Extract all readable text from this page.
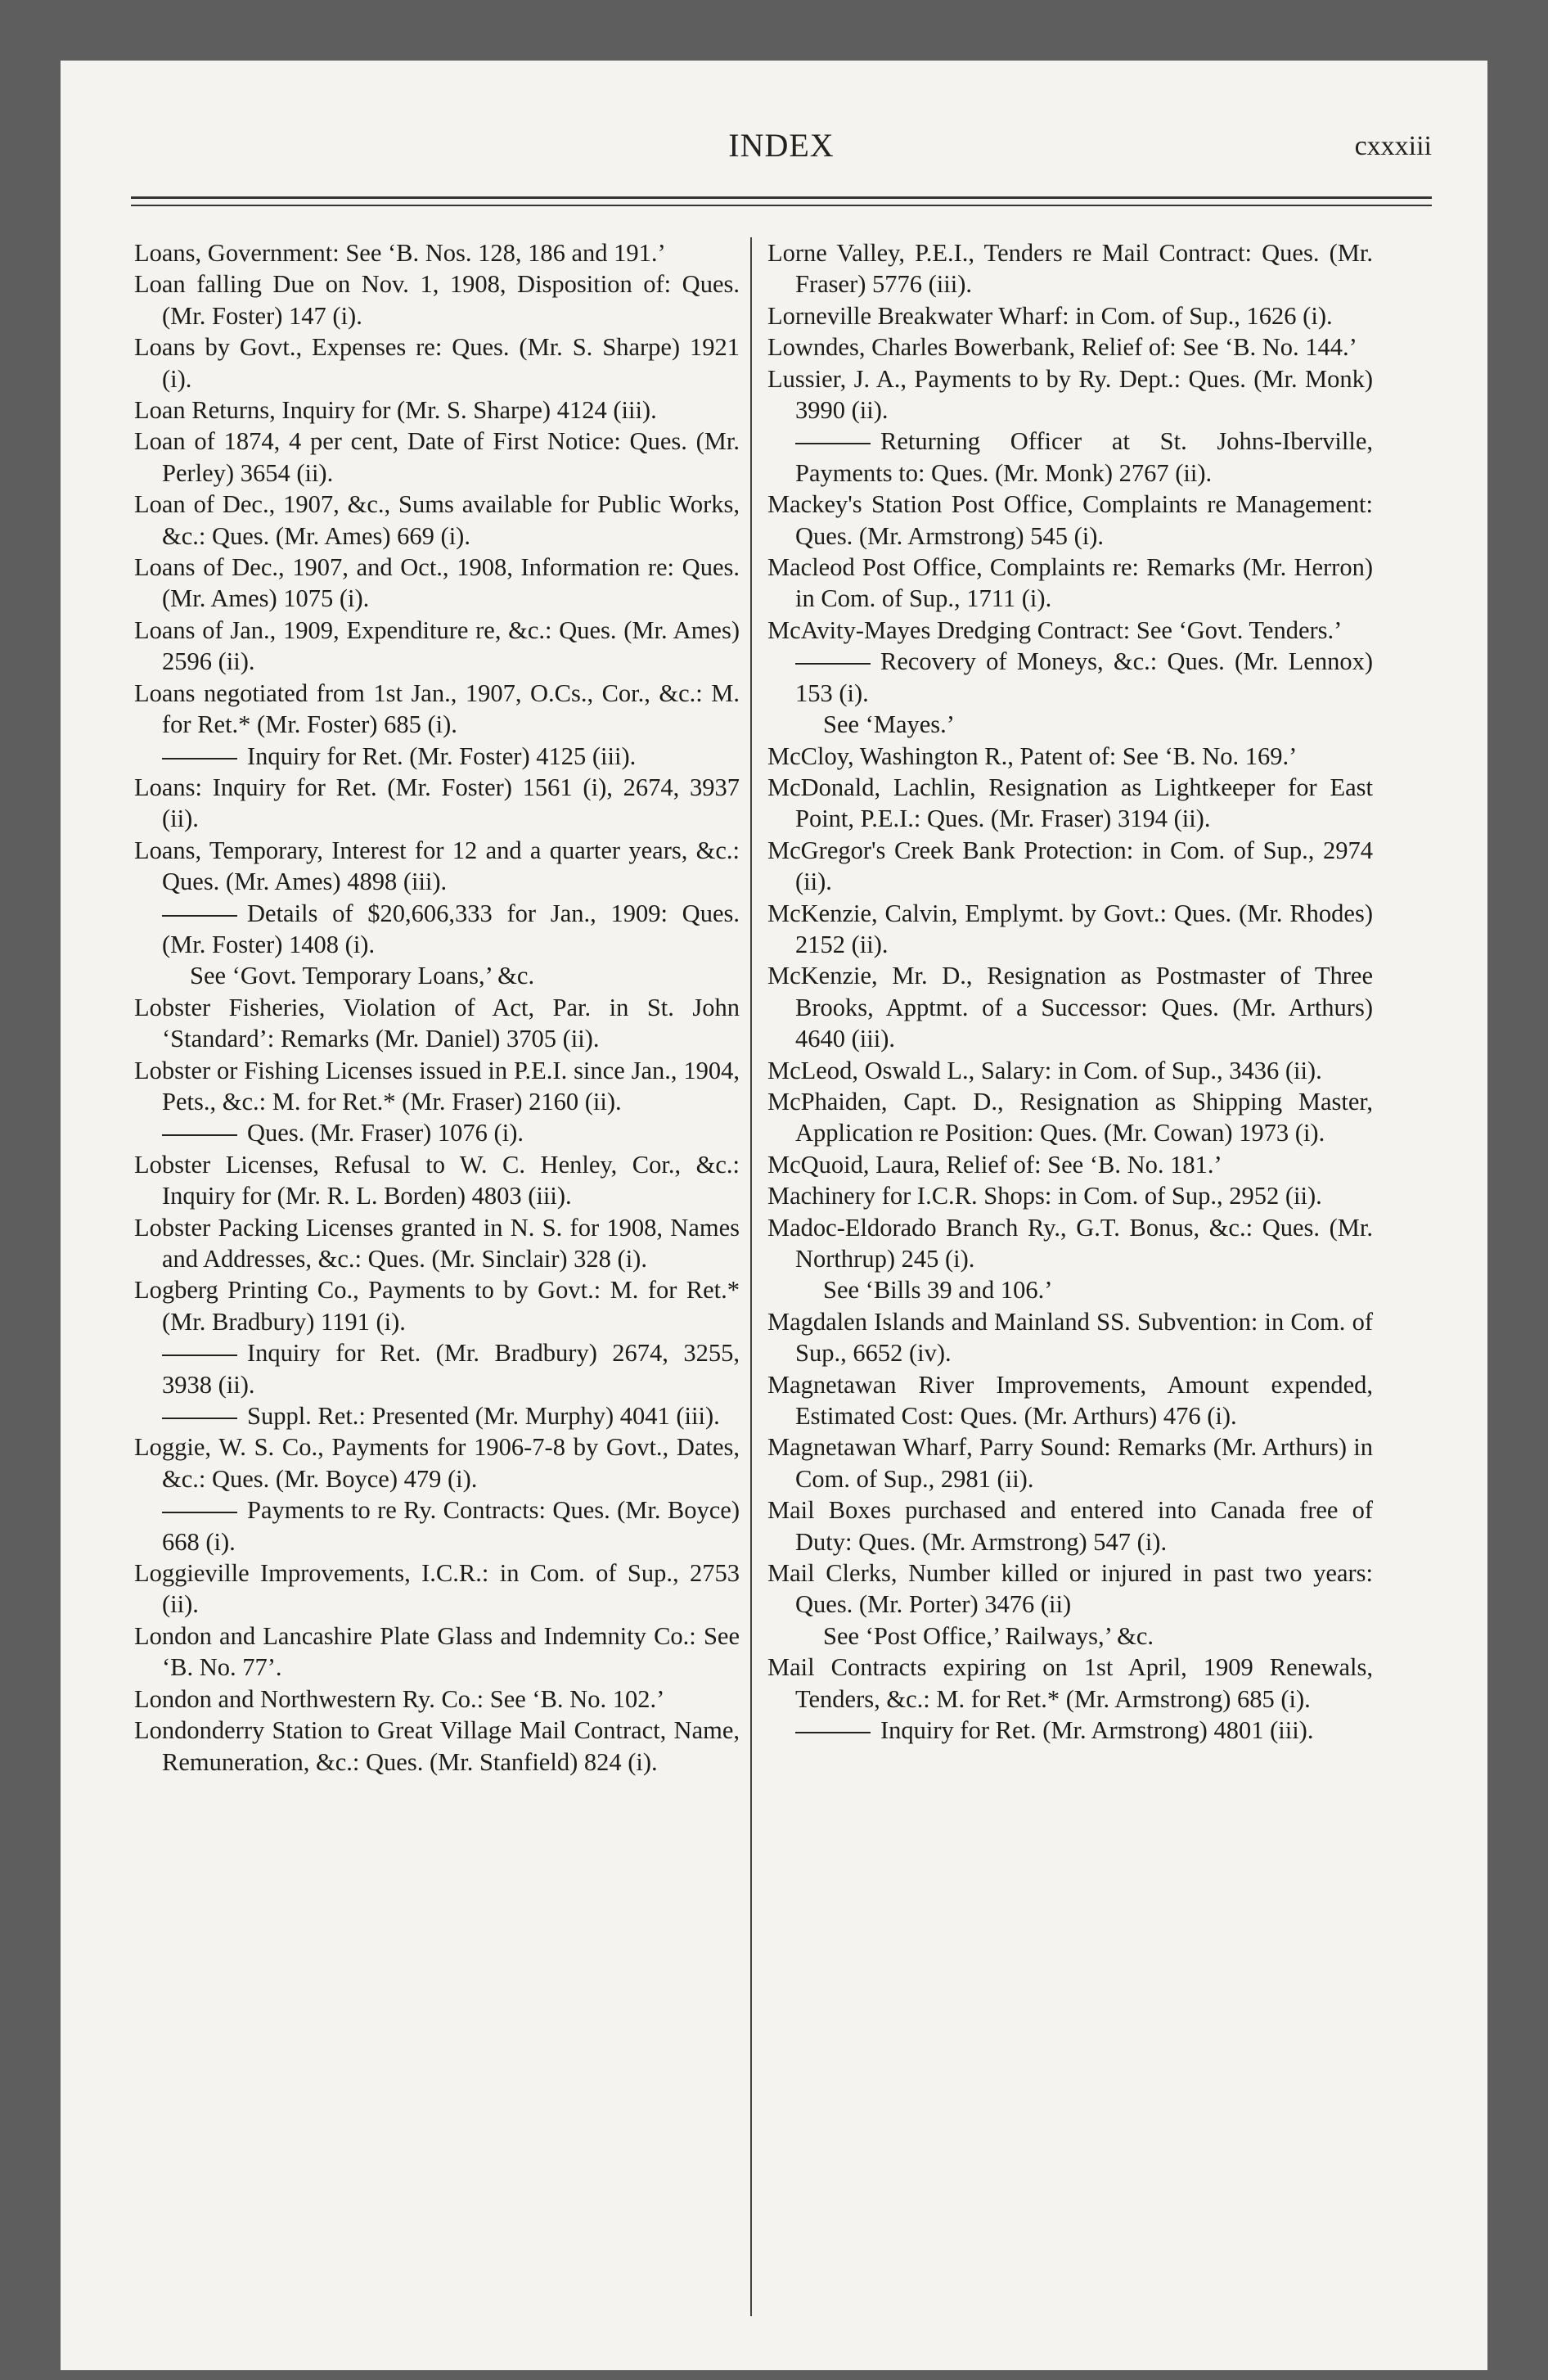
INDEX	cxxxiii

Loans, Government: See ‘B. Nos. 128, 186 and 191.’

Loan falling Due on Nov. 1, 1908, Disposition of: Ques. (Mr. Foster) 147 (i).

Loans by Govt., Expenses re: Ques. (Mr. S. Sharpe) 1921 (i).

Loan Returns, Inquiry for (Mr. S. Sharpe) 4124 (iii).

Loan of 1874, 4 per cent, Date of First Notice: Ques. (Mr. Perley) 3654 (ii).

Loan of Dec., 1907, &c., Sums available for Public Works, &c.: Ques. (Mr. Ames) 669 (i).

Loans of Dec., 1907, and Oct., 1908, Information re: Ques. (Mr. Ames) 1075 (i).

Loans of Jan., 1909, Expenditure re, &c.: Ques. (Mr. Ames) 2596 (ii).

Loans negotiated from 1st Jan., 1907, O.Cs., Cor., &c.: M. for Ret.* (Mr. Foster) 685 (i).

Inquiry for Ret. (Mr. Foster) 4125 (iii).

Loans: Inquiry for Ret. (Mr. Foster) 1561 (i), 2674, 3937 (ii).

Loans, Temporary, Interest for 12 and a quarter years, &c.: Ques. (Mr. Ames) 4898 (iii).

Details of $20,606,333 for Jan., 1909: Ques. (Mr. Foster) 1408 (i).

See ‘Govt. Temporary Loans,’ &c.

Lobster Fisheries, Violation of Act, Par. in St. John ‘Standard’: Remarks (Mr. Daniel) 3705 (ii).

Lobster or Fishing Licenses issued in P.E.I. since Jan., 1904, Pets., &c.: M. for Ret.* (Mr. Fraser) 2160 (ii).

Ques. (Mr. Fraser) 1076 (i).

Lobster Licenses, Refusal to W. C. Henley, Cor., &c.: Inquiry for (Mr. R. L. Borden) 4803 (iii).

Lobster Packing Licenses granted in N. S. for 1908, Names and Addresses, &c.: Ques. (Mr. Sinclair) 328 (i).

Logberg Printing Co., Payments to by Govt.: M. for Ret.* (Mr. Bradbury) 1191 (i).

Inquiry for Ret. (Mr. Bradbury) 2674, 3255, 3938 (ii).

Suppl. Ret.: Presented (Mr. Murphy) 4041 (iii).

Loggie, W. S. Co., Payments for 1906-7-8 by Govt., Dates, &c.: Ques. (Mr. Boyce) 479 (i).

Payments to re Ry. Contracts: Ques. (Mr. Boyce) 668 (i).

Loggieville Improvements, I.C.R.: in Com. of Sup., 2753 (ii).

London and Lancashire Plate Glass and Indemnity Co.: See ‘B. No. 77’.

London and Northwestern Ry. Co.: See ‘B. No. 102.’

Londonderry Station to Great Village Mail Contract, Name, Remuneration, &c.: Ques. (Mr. Stanfield) 824 (i).

Lorne Valley, P.E.I., Tenders re Mail Contract: Ques. (Mr. Fraser) 5776 (iii).

Lorneville Breakwater Wharf: in Com. of Sup., 1626 (i).

Lowndes, Charles Bowerbank, Relief of: See ‘B. No. 144.’

Lussier, J. A., Payments to by Ry. Dept.: Ques. (Mr. Monk) 3990 (ii).

Returning Officer at St. Johns-Iberville, Payments to: Ques. (Mr. Monk) 2767 (ii).

Mackey's Station Post Office, Complaints re Management: Ques. (Mr. Armstrong) 545 (i).

Macleod Post Office, Complaints re: Remarks (Mr. Herron) in Com. of Sup., 1711 (i).

McAvity-Mayes Dredging Contract: See ‘Govt. Tenders.’

Recovery of Moneys, &c.: Ques. (Mr. Lennox) 153 (i).

See ‘Mayes.’

McCloy, Washington R., Patent of: See ‘B. No. 169.’

McDonald, Lachlin, Resignation as Lightkeeper for East Point, P.E.I.: Ques. (Mr. Fraser) 3194 (ii).

McGregor's Creek Bank Protection: in Com. of Sup., 2974 (ii).

McKenzie, Calvin, Emplymt. by Govt.: Ques. (Mr. Rhodes) 2152 (ii).

McKenzie, Mr. D., Resignation as Postmaster of Three Brooks, Apptmt. of a Successor: Ques. (Mr. Arthurs) 4640 (iii).

McLeod, Oswald L., Salary: in Com. of Sup., 3436 (ii).

McPhaiden, Capt. D., Resignation as Shipping Master, Application re Position: Ques. (Mr. Cowan) 1973 (i).

McQuoid, Laura, Relief of: See ‘B. No. 181.’

Machinery for I.C.R. Shops: in Com. of Sup., 2952 (ii).

Madoc-Eldorado Branch Ry., G.T. Bonus, &c.: Ques. (Mr. Northrup) 245 (i).

See ‘Bills 39 and 106.’

Magdalen Islands and Mainland SS. Subvention: in Com. of Sup., 6652 (iv).

Magnetawan River Improvements, Amount expended, Estimated Cost: Ques. (Mr. Arthurs) 476 (i).

Magnetawan Wharf, Parry Sound: Remarks (Mr. Arthurs) in Com. of Sup., 2981 (ii).

Mail Boxes purchased and entered into Canada free of Duty: Ques. (Mr. Armstrong) 547 (i).

Mail Clerks, Number killed or injured in past two years: Ques. (Mr. Porter) 3476 (ii)

See ‘Post Office,’ Railways,’ &c.

Mail Contracts expiring on 1st April, 1909 Renewals, Tenders, &c.: M. for Ret.* (Mr. Armstrong) 685 (i).

Inquiry for Ret. (Mr. Armstrong) 4801 (iii).
